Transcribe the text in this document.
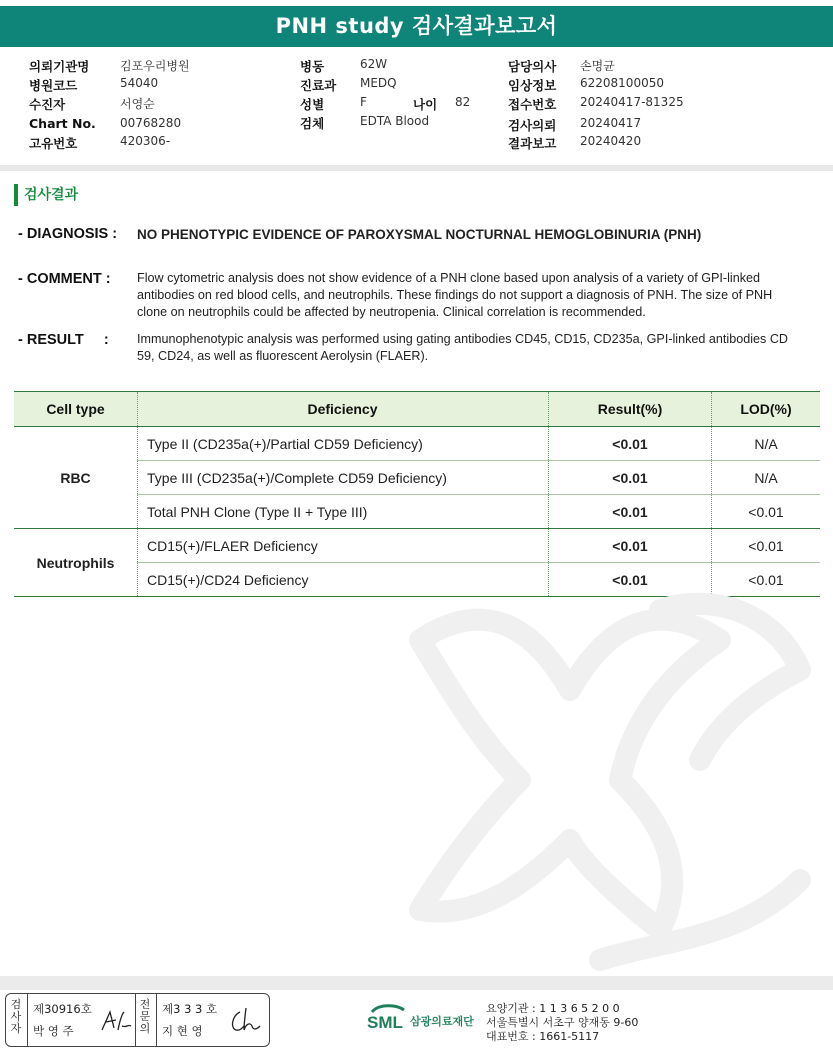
PNH study 검사결과보고서
의뢰기관명	김포우리병원
병원코드	54040
수진자	서영순
Chart No. 00768280
고유번호	420306-
병동	62W
진료과 MEDQ
성별	F	나이 82
검체	EDTA Blood
담당의사 손명균
임상정보 62208100050
접수번호 20240417-81325
검사의뢰 20240417
결과보고 20240420
검사결과
- DIAGNOSIS : NO PHENOTYPIC EVIDENCE OF PAROXYSMAL NOCTURNAL HEMOGLOBINURIA (PNH)
- COMMENT : Flow cytometric analysis does not show evidence of a PNH clone based upon analysis of a variety of GPI-linked
antibodies on red blood cells, and neutrophils. These findings do not support a diagnosis of PNH. The size of PNH
clone on neutrophils could be affected by neutropenia. Clinical correlation is recommended.
- RESULT     : Immunophenotypic analysis was performed using gating antibodies CD45, CD15, CD235a, GPI-linked antibodies CD
59, CD24, as well as fluorescent Aerolysin (FLAER).
Cell type	Deficiency	Result(%)	LOD(%)
RBC	Type II (CD235a(+)/Partial CD59 Deficiency)	<0.01	N/A
	Type III (CD235a(+)/Complete CD59 Deficiency)	<0.01	N/A
	Total PNH Clone (Type II + Type III)	<0.01	<0.01
Neutrophils	CD15(+)/FLAER Deficiency	<0.01	<0.01
	CD15(+)/CD24 Deficiency	<0.01	<0.01
검사자
제30916호
박 영 주
전문의
제3 3 3 호
지 현 영	SML 삼광의료재단
요양기관 : 1 1 3 6 5 2 0 0
서울특별시 서초구 양재동 9-60
대표번호 : 1661-5117
